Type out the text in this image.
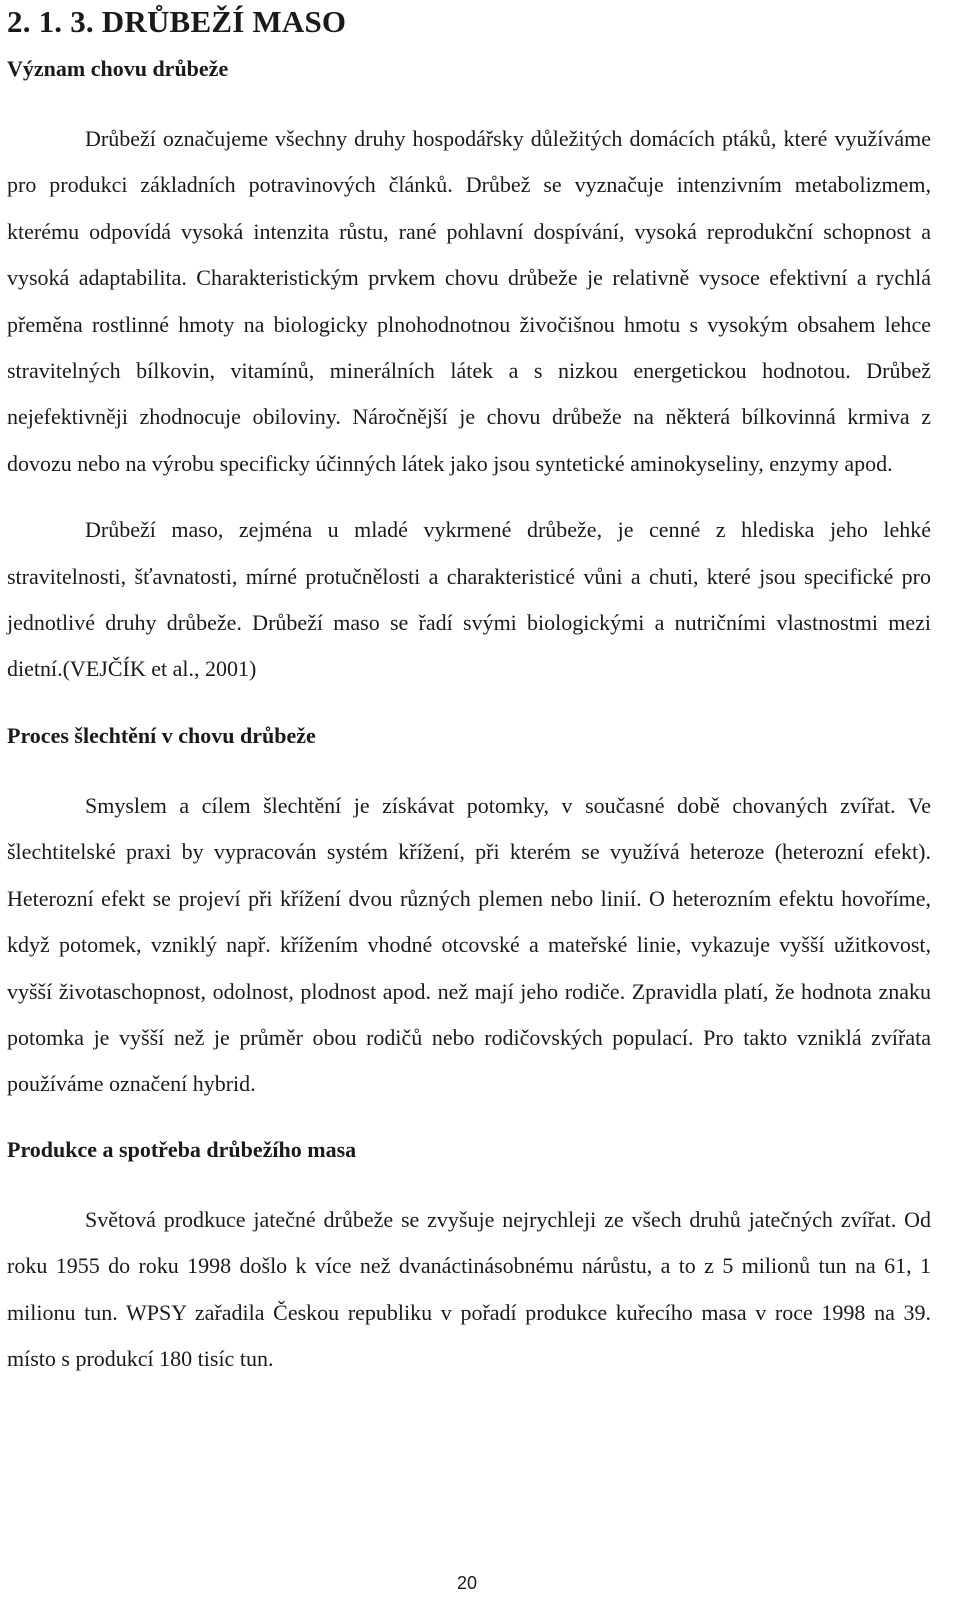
2. 1. 3. DRŮBEŽÍ MASO
Význam chovu drůbeže

Drůbeží označujeme všechny druhy hospodářsky důležitých domácích ptáků, které využíváme pro produkci základních potravinových článků. Drůbež se vyznačuje intenzivním metabolizmem, kterému odpovídá vysoká intenzita růstu, rané pohlavní dospívání, vysoká reprodukční schopnost a vysoká adaptabilita. Charakteristickým prvkem chovu drůbeže je relativně vysoce efektivní a rychlá přeměna rostlinné hmoty na biologicky plnohodnotnou živočišnou hmotu s vysokým obsahem lehce stravitelných bílkovin, vitamínů, minerálních látek a s nizkou energetickou hodnotou. Drůbež nejefektivněji zhodnocuje obiloviny. Náročnější je chovu drůbeže na některá bílkovinná krmiva z dovozu nebo na výrobu specificky účinných látek jako jsou syntetické aminokyseliny, enzymy apod.

Drůbeží maso, zejména u mladé vykrmené drůbeže, je cenné z hlediska jeho lehké stravitelnosti, šťavnatosti, mírné protučnělosti a charakteristicé vůni a chuti, které jsou specifické pro jednotlivé druhy drůbeže. Drůbeží maso se řadí svými biologickými a nutričními vlastnostmi mezi dietní.(VEJČÍK et al., 2001)

Proces šlechtění v chovu drůbeže

Smyslem a cílem šlechtění je získávat potomky, v současné době chovaných zvířat. Ve šlechtitelské praxi by vypracován systém křížení, při kterém se využívá heteroze (heterozní efekt). Heterozní efekt se projeví při křížení dvou různých plemen nebo linií. O heterozním efektu hovoříme, když potomek, vzniklý např. křížením vhodné otcovské a mateřské linie, vykazuje vyšší užitkovost, vyšší životaschopnost, odolnost, plodnost apod. než mají jeho rodiče. Zpravidla platí, že hodnota znaku potomka je vyšší než je průměr obou rodičů nebo rodičovských populací. Pro takto vzniklá zvířata používáme označení hybrid.

Produkce a spotřeba drůbežího masa

Světová prodkuce jatečné drůbeže se zvyšuje nejrychleji ze všech druhů jatečných zvířat. Od roku 1955 do roku 1998 došlo k více než dvanáctinásobnému nárůstu, a to z 5 milionů tun na 61, 1 milionu tun. WPSY zařadila Českou republiku v pořadí produkce kuřecího masa v roce 1998 na 39. místo s produkcí 180 tisíc tun.

20
